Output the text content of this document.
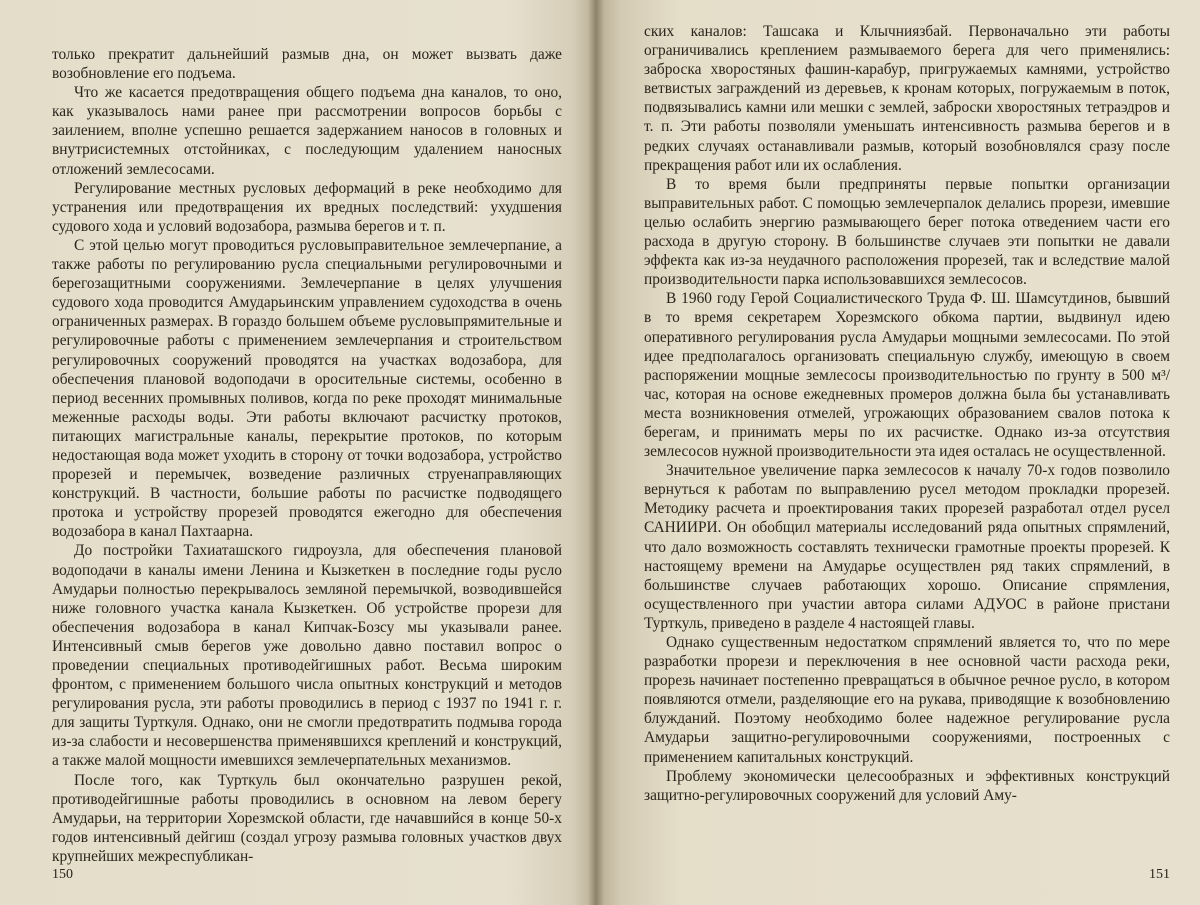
только прекратит дальнейший размыв дна, он может вызвать даже возобновление его подъема.

Что же касается предотвращения общего подъема дна каналов, то оно, как указывалось нами ранее при рассмотрении вопросов борьбы с заилением, вполне успешно решается задержанием наносов в головных и внутрисистемных отстойниках, с последующим удалением наносных отложений землесосами.

Регулирование местных русловых деформаций в реке необходимо для устранения или предотвращения их вредных последствий: ухудшения судового хода и условий водозабора, размыва берегов и т. п.

С этой целью могут проводиться русловыправительное землечерпание, а также работы по регулированию русла специальными регулировочными и берегозащитными сооружениями. Землечерпание в целях улучшения судового хода проводится Амударьинским управлением судоходства в очень ограниченных размерах. В гораздо большем объеме русловыпрямительные и регулировочные работы с применением землечерпания и строительством регулировочных сооружений проводятся на участках водозабора, для обеспечения плановой водоподачи в оросительные системы, особенно в период весенних промывных поливов, когда по реке проходят минимальные меженные расходы воды. Эти работы включают расчистку протоков, питающих магистральные каналы, перекрытие протоков, по которым недостающая вода может уходить в сторону от точки водозабора, устройство прорезей и перемычек, возведение различных струенаправляющих конструкций. В частности, большие работы по расчистке подводящего протока и устройству прорезей проводятся ежегодно для обеспечения водозабора в канал Пахтаарна.

До постройки Тахиаташского гидроузла, для обеспечения плановой водоподачи в каналы имени Ленина и Кызкеткен в последние годы русло Амударьи полностью перекрывалось земляной перемычкой, возводившейся ниже головного участка канала Кызкеткен. Об устройстве прорези для обеспечения водозабора в канал Кипчак-Бозсу мы указывали ранее. Интенсивный смыв берегов уже довольно давно поставил вопрос о проведении специальных противодейгишных работ. Весьма широким фронтом, с применением большого числа опытных конструкций и методов регулирования русла, эти работы проводились в период с 1937 по 1941 г. г. для защиты Турткуля. Однако, они не смогли предотвратить подмыва города из-за слабости и несовершенства применявшихся креплений и конструкций, а также малой мощности имевшихся землечерпательных механизмов.

После того, как Турткуль был окончательно разрушен рекой, противодейгишные работы проводились в основном на левом берегу Амударьи, на территории Хорезмской области, где начавшийся в конце 50-х годов интенсивный дейгиш (создал угрозу размыва головных участков двух крупнейших межреспубликан-

150

ских каналов: Ташсака и Клычниязбай. Первоначально эти работы ограничивались креплением размываемого берега для чего применялись: заброска хворостяных фашин-карабур, пригружаемых камнями, устройство ветвистых заграждений из деревьев, к кронам которых, погружаемым в поток, подвязывались камни или мешки с землей, заброски хворостяных тетраэдров и т. п. Эти работы позволяли уменьшать интенсивность размыва берегов и в редких случаях останавливали размыв, который возобновлялся сразу после прекращения работ или их ослабления.

В то время были предприняты первые попытки организации выправительных работ. С помощью землечерпалок делались прорези, имевшие целью ослабить энергию размывающего берег потока отведением части его расхода в другую сторону. В большинстве случаев эти попытки не давали эффекта как из-за неудачного расположения прорезей, так и вследствие малой производительности парка использовавшихся землесосов.

В 1960 году Герой Социалистического Труда Ф. Ш. Шамсутдинов, бывший в то время секретарем Хорезмского обкома партии, выдвинул идею оперативного регулирования русла Амударьи мощными землесосами. По этой идее предполагалось организовать специальную службу, имеющую в своем распоряжении мощные землесосы производительностью по грунту в 500 м³/час, которая на основе ежедневных промеров должна была бы устанавливать места возникновения отмелей, угрожающих образованием свалов потока к берегам, и принимать меры по их расчистке. Однако из-за отсутствия землесосов нужной производительности эта идея осталась не осуществленной.

Значительное увеличение парка землесосов к началу 70-х годов позволило вернуться к работам по выправлению русел методом прокладки прорезей. Методику расчета и проектирования таких прорезей разработал отдел русел САНИИРИ. Он обобщил материалы исследований ряда опытных спрямлений, что дало возможность составлять технически грамотные проекты прорезей. К настоящему времени на Амударье осуществлен ряд таких спрямлений, в большинстве случаев работающих хорошо. Описание спрямления, осуществленного при участии автора силами АДУОС в районе пристани Турткуль, приведено в разделе 4 настоящей главы.

Однако существенным недостатком спрямлений является то, что по мере разработки прорези и переключения в нее основной части расхода реки, прорезь начинает постепенно превращаться в обычное речное русло, в котором появляются отмели, разделяющие его на рукава, приводящие к возобновлению блужданий. Поэтому необходимо более надежное регулирование русла Амударьи защитно-регулировочными сооружениями, построенных с применением капитальных конструкций.

Проблему экономически целесообразных и эффективных конструкций защитно-регулировочных сооружений для условий Аму-

151
